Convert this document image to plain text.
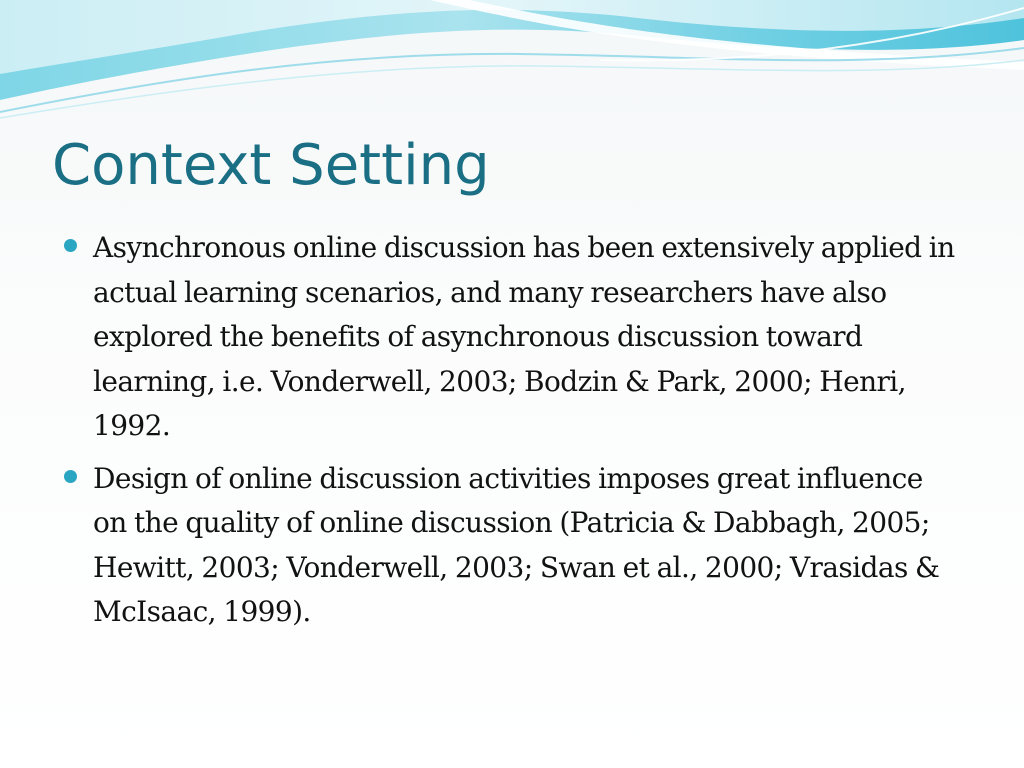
Context Setting
Asynchronous online discussion has been extensively applied in actual learning scenarios, and many researchers have also explored the benefits of asynchronous discussion toward learning, i.e. Vonderwell, 2003; Bodzin & Park, 2000; Henri, 1992.
Design of online discussion activities imposes great influence on the quality of online discussion (Patricia & Dabbagh, 2005; Hewitt, 2003; Vonderwell, 2003; Swan et al., 2000; Vrasidas & McIsaac, 1999).
